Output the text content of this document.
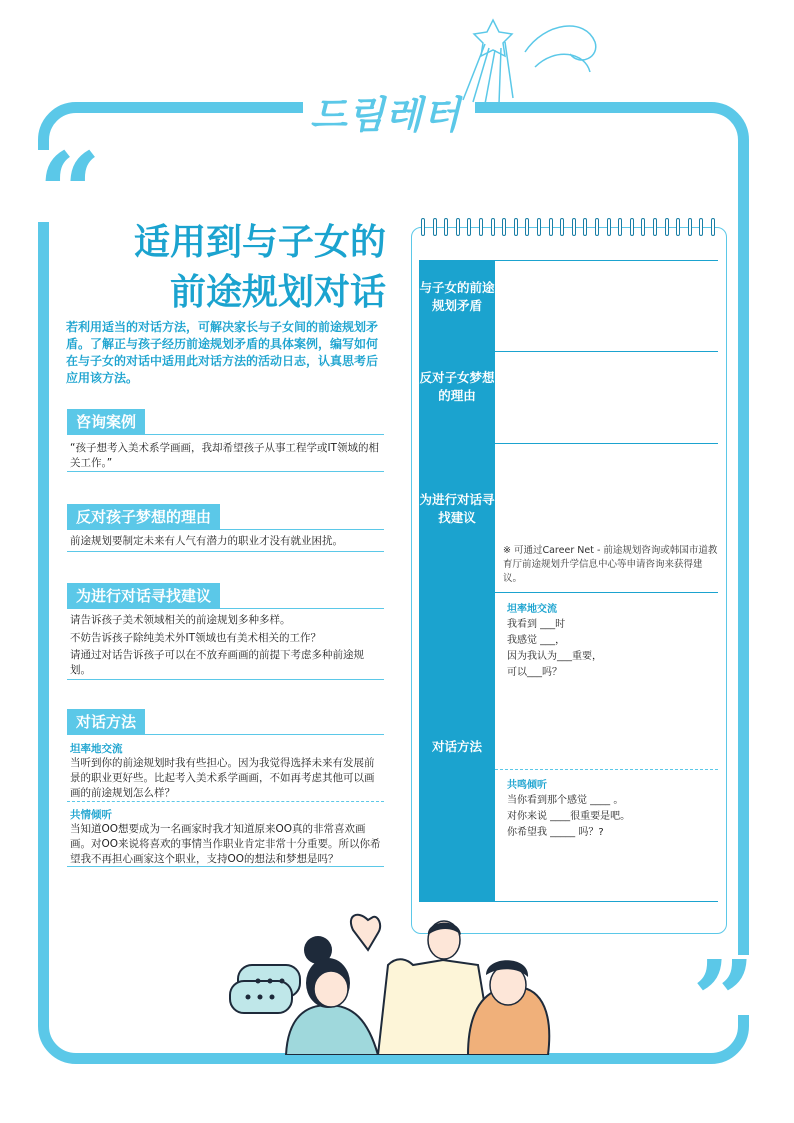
드림레터
“
”
适用到与子女的
前途规划对话
若利用适当的对话方法，可解决家长与子女间的前途规划矛盾。了解正与孩子经历前途规划矛盾的具体案例，编写如何在与子女的对话中适用此对话方法的活动日志，认真思考后应用该方法。
咨询案例
“孩子想考入美术系学画画，我却希望孩子从事工程学或IT领域的相关工作。”
反对孩子梦想的理由
前途规划要制定未来有人气有潜力的职业才没有就业困扰。
为进行对话寻找建议
请告诉孩子美术领域相关的前途规划多种多样。
不妨告诉孩子除纯美术外IT领域也有美术相关的工作？
请通过对话告诉孩子可以在不放弃画画的前提下考虑多种前途规划。
对话方法
坦率地交流
当听到你的前途规划时我有些担心。因为我觉得选择未来有发展前景的职业更好些。比起考入美术系学画画，不如再考虑其他可以画画的前途规划怎么样？
共情倾听
当知道OO想要成为一名画家时我才知道原来OO真的非常喜欢画画。对OO来说将喜欢的事情当作职业肯定非常十分重要。所以你希望我不再担心画家这个职业，支持OO的想法和梦想是吗？
与子女的前途规划矛盾
反对子女梦想的理由
为进行对话寻找建议
对话方法
※ 可通过Career Net - 前途规划咨询或韩国市道教育厅前途规划升学信息中心等申请咨询来获得建议。
坦率地交流
我看到 ___时
我感觉 ___，
因为我认为___重要，
可以___吗？
共鸣倾听
当你看到那个感觉 ____ 。
对你来说 ____很重要是吧。
你希望我 _____ 吗？?
